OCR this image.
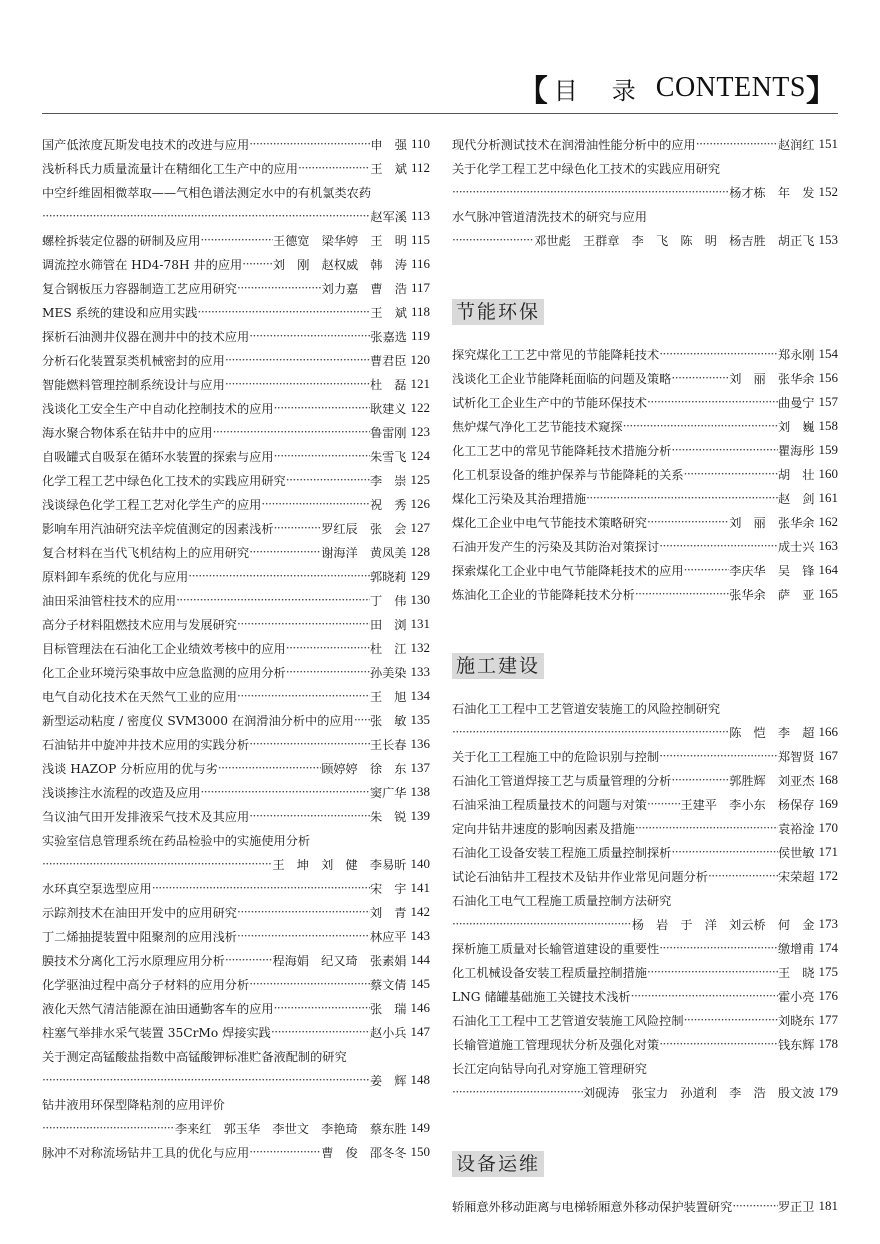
【 目 录 CONTENTS 】
国产低浓度瓦斯发电技术的改进与应用 ·····	申　强 110
浅析科氏力质量流量计在精细化工生产中的应用 ·····	王　斌 112
中空纤维固相微萃取——气相色谱法测定水中的有机氯类农药
·····
赵军溪 113
螺栓拆装定位器的研制及应用 ·····	王德宽　梁华婷　王　明 115
调流控水筛管在 HD4-78H 井的应用 ·····	刘　刚　赵权威　韩　涛 116
复合钢板压力容器制造工艺应用研究 ·····	刘力嘉　曹　浩 117
MES 系统的建设和应用实践 ·····	王　斌 118
探析石油测井仪器在测井中的技术应用 ·····	张嘉选 119
分析石化装置泵类机械密封的应用 ·····	曹君臣 120
智能燃料管理控制系统设计与应用 ·····	杜　磊 121
浅谈化工安全生产中自动化控制技术的应用 ·····	耿建义 122
海水聚合物体系在钻井中的应用 ·····	鲁雷刚 123
自吸罐式自吸泵在循环水装置的探索与应用 ·····	朱雪飞 124
化学工程工艺中绿色化工技术的实践应用研究 ·····	李　崇 125
浅谈绿色化学工程工艺对化学生产的应用 ·····	祝　秀 126
影响车用汽油研究法辛烷值测定的因素浅析 ·····	罗红辰　张　会 127
复合材料在当代飞机结构上的应用研究 ·····	谢海洋　黄凤美 128
原料卸车系统的优化与应用 ·····	郭晓莉 129
油田采油管柱技术的应用 ·····	丁　伟 130
高分子材料阻燃技术应用与发展研究 ·····	田　浏 131
目标管理法在石油化工企业绩效考核中的应用 ·····	杜　江 132
化工企业环境污染事故中应急监测的应用分析 ·····	孙美染 133
电气自动化技术在天然气工业的应用 ·····	王　旭 134
新型运动粘度 / 密度仪 SVM3000 在润滑油分析中的应用 ····· 张　敏 135
石油钻井中旋冲井技术应用的实践分析 ·····	王长春 136
浅谈 HAZOP 分析应用的优与劣 ·····	顾婷婷　徐　东 137
浅谈掺注水流程的改造及应用 ·····	窦广华 138
刍议油气田开发排液采气技术及其应用 ·····	朱　锐 139
实验室信息管理系统在药品检验中的实施使用分析
·····
王　坤　刘　健　李易昕 140
水环真空泵选型应用 ·····	宋　宇 141
示踪剂技术在油田开发中的应用研究 ·····	刘　青 142
丁二烯抽提装置中阻聚剂的应用浅析 ·····	林应平 143
膜技术分离化工污水原理应用分析 ·····	程海娟　纪又琦　张素娟 144
化学驱油过程中高分子材料的应用分析 ·····	蔡文倩 145
液化天然气清洁能源在油田通勤客车的应用 ·····	张　瑞 146
柱塞气举排水采气装置 35CrMo 焊接实践 ·····	赵小兵 147
关于测定高锰酸盐指数中高锰酸钾标准贮备液配制的研究
·····
姜　辉 148
钻井液用环保型降粘剂的应用评价
·····
李来红　郭玉华　李世文　李艳琦　蔡东胜 149
脉冲不对称流场钻井工具的优化与应用 ·····	曹　俊　邵冬冬 150
现代分析测试技术在润滑油性能分析中的应用 ·····	赵润红 151
关于化学工程工艺中绿色化工技术的实践应用研究
·····
杨才栋　年　发 152
水气脉冲管道清洗技术的研究与应用
·····
邓世彪　王群章　李　飞　陈　明　杨吉胜　胡正飞 153
节能环保
探究煤化工工艺中常见的节能降耗技术 ·····	郑永刚 154
浅谈化工企业节能降耗面临的问题及策略 ·····	刘　丽　张华余 156
试析化工企业生产中的节能环保技术 ·····	曲曼宁 157
焦炉煤气净化工艺节能技术窥探 ·····	刘　巍 158
化工工艺中的常见节能降耗技术措施分析 ·····	瞿海彤 159
化工机泵设备的维护保养与节能降耗的关系 ·····	胡　壮 160
煤化工污染及其治理措施 ·····	赵　剑 161
煤化工企业中电气节能技术策略研究 ·····	刘　丽　张华余 162
石油开发产生的污染及其防治对策探讨 ·····	成士兴 163
探索煤化工企业中电气节能降耗技术的应用 ·····	李庆华　吴　锋 164
炼油化工企业的节能降耗技术分析 ·····	张华余　萨　亚 165
施工建设
石油化工工程中工艺管道安装施工的风险控制研究
·····
陈　恺　李　超 166
关于化工工程施工中的危险识别与控制 ·····	郑智贤 167
石油化工管道焊接工艺与质量管理的分析 ·····	郭胜辉　刘亚杰 168
石油采油工程质量技术的问题与对策 ·····	王建平　李小东　杨保存 169
定向井钻井速度的影响因素及措施 ·····	袁裕淦 170
石油化工设备安装工程施工质量控制探析 ·····	侯世敏 171
试论石油钻井工程技术及钻井作业常见问题分析 ·····	宋荣超 172
石油化工电气工程施工质量控制方法研究
·····
杨　岩　于　洋　刘云桥　何　金 173
探析施工质量对长输管道建设的重要性 ·····	缴增甫 174
化工机械设备安装工程质量控制措施 ·····	王　晓 175
LNG 储罐基础施工关键技术浅析 ·····	霍小亮 176
石油化工工程中工艺管道安装施工风险控制 ·····	刘晓东 177
长输管道施工管理现状分析及强化对策 ·····	钱东辉 178
长江定向钻导向孔对穿施工管理研究
·····
刘砚涛　张宝力　孙道利　李　浩　殷文波 179
设备运维
轿厢意外移动距离与电梯轿厢意外移动保护装置研究 ·····	罗正卫 181
